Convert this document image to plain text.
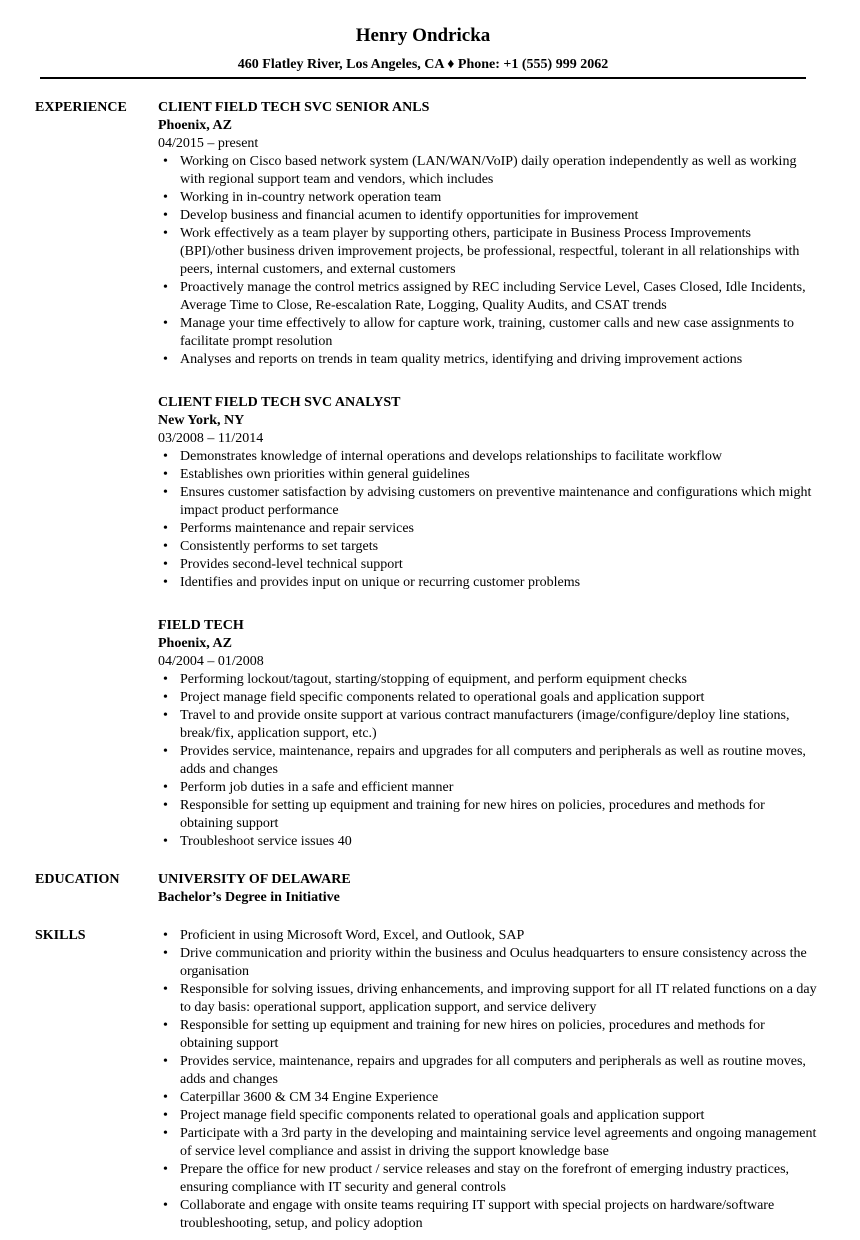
Henry Ondricka
460 Flatley River, Los Angeles, CA ♦ Phone: +1 (555) 999 2062
EXPERIENCE CLIENT FIELD TECH SVC SENIOR ANLS
Phoenix, AZ
04/2015 – present
• Working on Cisco based network system (LAN/WAN/VoIP) daily operation independently as well as working with regional support team and vendors, which includes
• Working in in-country network operation team
• Develop business and financial acumen to identify opportunities for improvement
• Work effectively as a team player by supporting others, participate in Business Process Improvements (BPI)/other business driven improvement projects, be professional, respectful, tolerant in all relationships with peers, internal customers, and external customers
• Proactively manage the control metrics assigned by REC including Service Level, Cases Closed, Idle Incidents, Average Time to Close, Re-escalation Rate, Logging, Quality Audits, and CSAT trends
• Manage your time effectively to allow for capture work, training, customer calls and new case assignments to facilitate prompt resolution
• Analyses and reports on trends in team quality metrics, identifying and driving improvement actions
CLIENT FIELD TECH SVC ANALYST
New York, NY
03/2008 – 11/2014
• Demonstrates knowledge of internal operations and develops relationships to facilitate workflow
• Establishes own priorities within general guidelines
• Ensures customer satisfaction by advising customers on preventive maintenance and configurations which might impact product performance
• Performs maintenance and repair services
• Consistently performs to set targets
• Provides second-level technical support
• Identifies and provides input on unique or recurring customer problems
FIELD TECH
Phoenix, AZ
04/2004 – 01/2008
• Performing lockout/tagout, starting/stopping of equipment, and perform equipment checks
• Project manage field specific components related to operational goals and application support
• Travel to and provide onsite support at various contract manufacturers (image/configure/deploy line stations, break/fix, application support, etc.)
• Provides service, maintenance, repairs and upgrades for all computers and peripherals as well as routine moves, adds and changes
• Perform job duties in a safe and efficient manner
• Responsible for setting up equipment and training for new hires on policies, procedures and methods for obtaining support
• Troubleshoot service issues 40
EDUCATION	UNIVERSITY OF DELAWARE
Bachelor’s Degree in Initiative
SKILLS
•	Proficient in using Microsoft Word, Excel, and Outlook, SAP
• Drive communication and priority within the business and Oculus headquarters to ensure consistency across the organisation
• Responsible for solving issues, driving enhancements, and improving support for all IT related functions on a day to day basis: operational support, application support, and service delivery
• Responsible for setting up equipment and training for new hires on policies, procedures and methods for obtaining support
• Provides service, maintenance, repairs and upgrades for all computers and peripherals as well as routine moves, adds and changes
• Caterpillar 3600 & CM 34 Engine Experience
• Project manage field specific components related to operational goals and application support
• Participate with a 3rd party in the developing and maintaining service level agreements and ongoing management of service level compliance and assist in driving the support knowledge base
• Prepare the office for new product / service releases and stay on the forefront of emerging industry practices, ensuring compliance with IT security and general controls
• Collaborate and engage with onsite teams requiring IT support with special projects on hardware/software troubleshooting, setup, and policy adoption
